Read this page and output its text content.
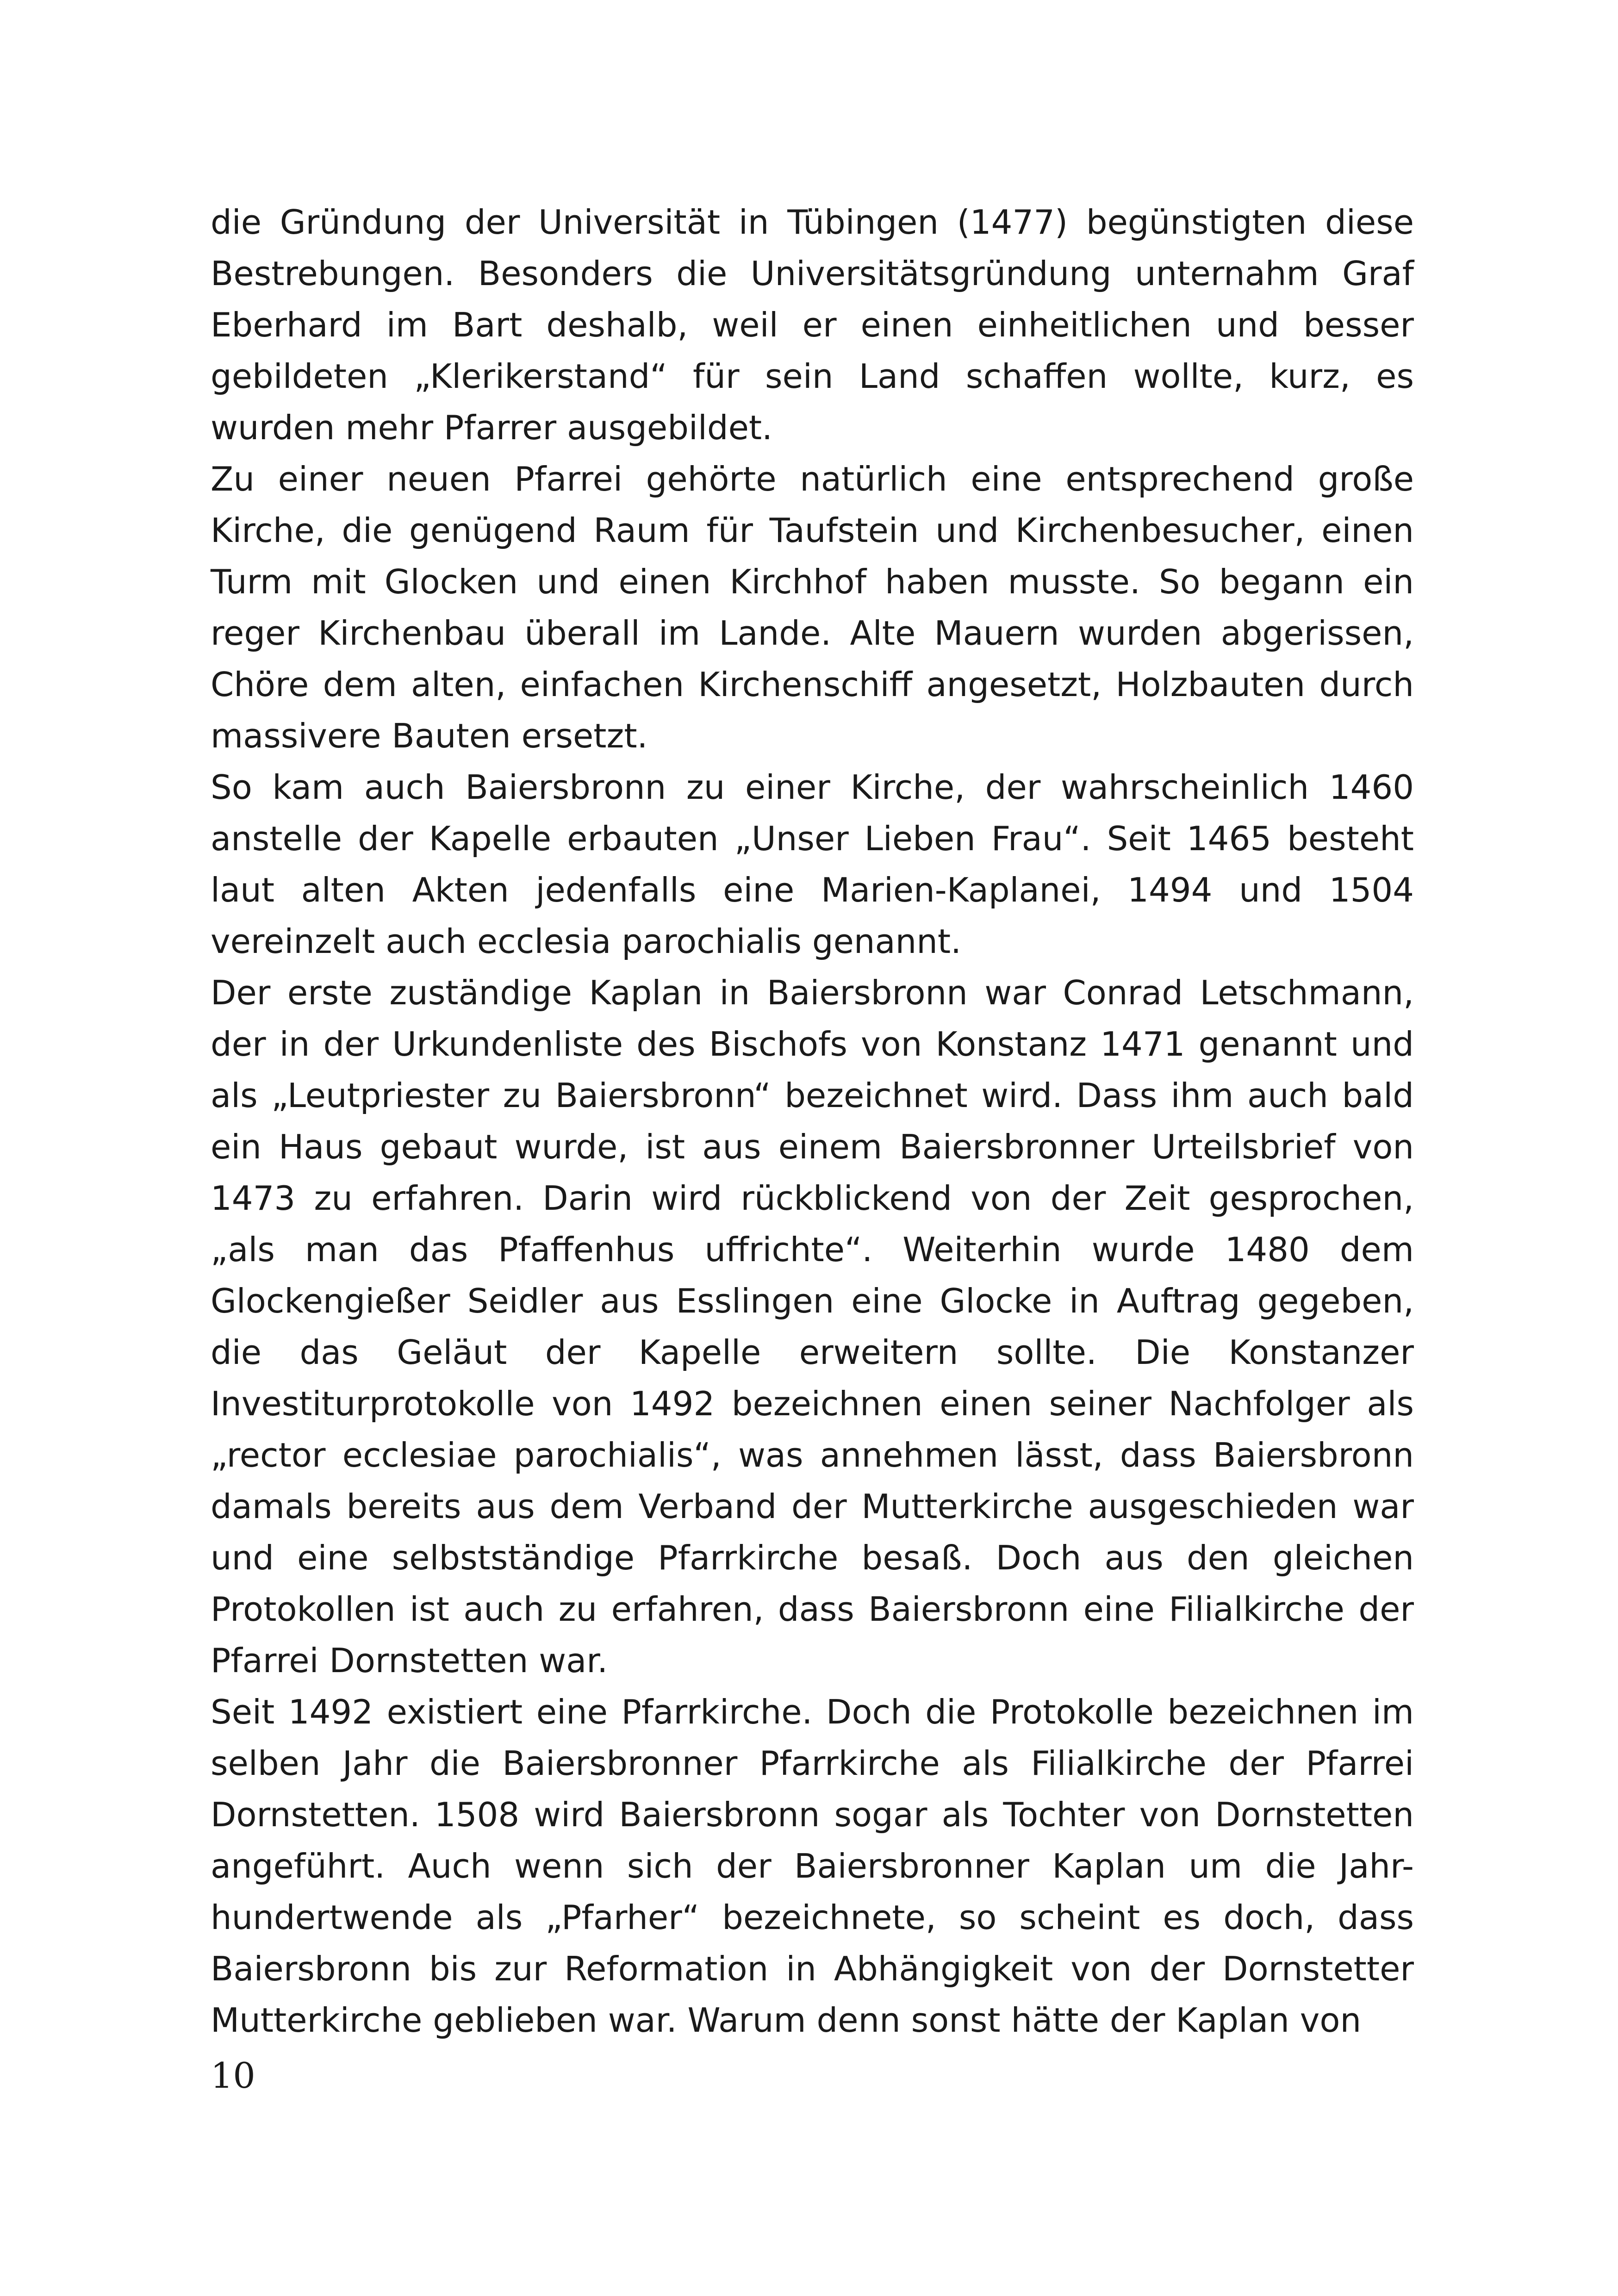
die Gründung der Universität in Tübingen (1477) begünstigten diese Bestrebungen. Besonders die Universitätsgründung unternahm Graf Eberhard im Bart deshalb, weil er einen einheitlichen und besser gebildeten „Klerikerstand“ für sein Land schaffen wollte, kurz, es wurden mehr Pfarrer ausgebildet.

Zu einer neuen Pfarrei gehörte natürlich eine entsprechend große Kirche, die genügend Raum für Taufstein und Kirchenbesucher, einen Turm mit Glocken und einen Kirchhof haben musste. So begann ein reger Kirchenbau überall im Lande. Alte Mauern wurden abgerissen, Chöre dem alten, einfachen Kirchenschiff angesetzt, Holzbauten durch massivere Bauten ersetzt.

So kam auch Baiersbronn zu einer Kirche, der wahrscheinlich 1460 anstelle der Kapelle erbauten „Unser Lieben Frau“. Seit 1465 besteht laut alten Akten jedenfalls eine Marien-Kaplanei, 1494 und 1504 vereinzelt auch ecclesia parochialis genannt.

Der erste zuständige Kaplan in Baiersbronn war Conrad Letschmann, der in der Urkundenliste des Bischofs von Konstanz 1471 genannt und als „Leutpriester zu Baiersbronn“ bezeichnet wird. Dass ihm auch bald ein Haus gebaut wurde, ist aus einem Baiersbronner Urteilsbrief von 1473 zu erfahren. Darin wird rückblickend von der Zeit gesprochen, „als man das Pfaffenhus uffrichte“. Weiterhin wurde 1480 dem Glockengießer Seidler aus Esslingen eine Glocke in Auftrag gegeben, die das Geläut der Kapelle erweitern sollte. Die Konstanzer Investiturprotokolle von 1492 bezeichnen einen seiner Nachfolger als „rector ecclesiae parochialis“, was annehmen lässt, dass Baiersbronn damals bereits aus dem Verband der Mutterkirche ausgeschieden war und eine selbstständige Pfarrkirche besaß. Doch aus den gleichen Protokollen ist auch zu erfahren, dass Baiersbronn eine Filialkirche der Pfarrei Dornstetten war.

Seit 1492 existiert eine Pfarrkirche. Doch die Protokolle bezeichnen im selben Jahr die Baiersbronner Pfarrkirche als Filialkirche der Pfarrei Dornstetten. 1508 wird Baiersbronn sogar als Tochter von Dornstetten angeführt. Auch wenn sich der Baiersbronner Kaplan um die Jahr-hundertwende als „Pfarher“ bezeichnete, so scheint es doch, dass Baiersbronn bis zur Reformation in Abhängigkeit von der Dornstetter Mutterkirche geblieben war. Warum denn sonst hätte der Kaplan von

10
